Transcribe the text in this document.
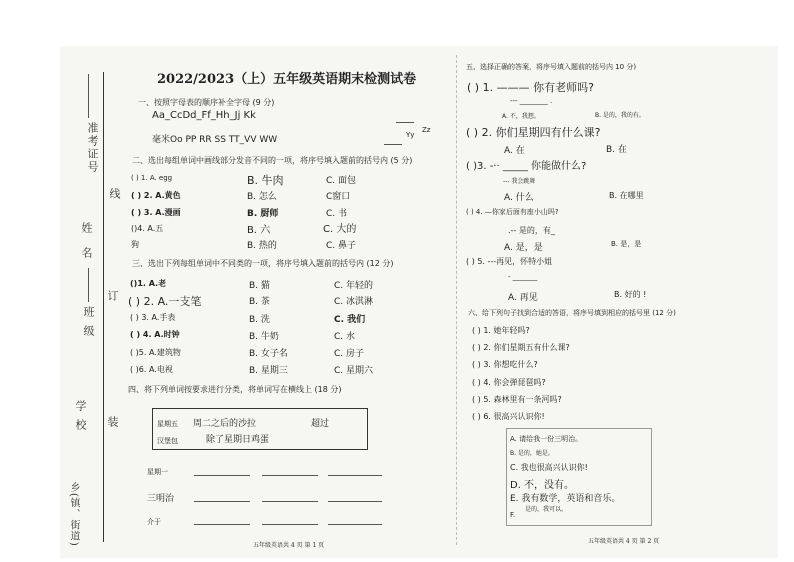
准考证号
线
姓名
订
班级
学校 装
乡(镇、街道)
2022/2023（上）五年级英语期末检测试卷
一、按照字母表的顺序补全字母 (9 分)
Aa_CcDd_Ff_Hh_Jj Kk
毫米Oo PP RR SS TT_VV WW	Yy
Zz
二、选出每组单词中画线部分发音不同的一项，将序号填入题前的括号内 (5 分)
( ) 1. A. egg	B. 牛肉	C. 面包
( ) 2. A.黄色	B. 怎么	C窗口
( ) 3. A.漫画	B. 厨师	C. 书
()4. A.五	B. 六	C. 大的
狗	B. 热的	C. 鼻子
三、选出下列每组单词中不同类的一项，将序号填入题前的括号内 (12 分)
()1. A.老	B. 猫	C. 年轻的
( ) 2. A.一支笔	B. 茶	C. 冰淇淋
( ) 3. A.手表	B. 洗	C. 我们
( ) 4. A.时钟	B. 牛奶	C. 水
( )5. A.建筑物	B. 女子名	C. 房子
( )6. A.电视	B. 星期三	C. 星期六
四、将下列单词按要求进行分类，将单词写在横线上 (18 分)
星期五 周二之后的沙拉	超过
汉堡包	除了星期日鸡蛋
星期一
三明治
介于
五年级英语共 4 页 第 1 页
五、选择正确的答案，将序号填入题前的括号内 10 分)
( ) 1. ——— 你有老师吗?
--- ________ .
A. 不，我想。	B. 是的，我的有。
( ) 2. 你们星期四有什么课?
A. 在	B. 在
( )3. -·· _____ 你能做什么?
--- 我会跳舞
A. 什么	B. 在哪里
( ) 4. —你家后面有座小山吗?
.-- 是的，有_
A. 是，是	B. 是，是
( ) 5. ---再见，怀特小姐
- _______
A. 再见	B. 好的 !
六、给下列句子找到合适的答语，将序号填到相应的括号里 (12 分)
( ) 1. 她年轻吗?
( ) 2. 你们星期五有什么课?
( ) 3. 你想吃什么?
( ) 4. 你会弹琵琶吗?
( ) 5. 森林里有一条河吗?
( ) 6. 很高兴认识你!
A. 请给我一份三明治。
B. 是的，她是。
C. 我也很高兴认识你!
D. 不，没有。
E. 我有数学，英语和音乐。
是的，我可以。
F.
五年级英语共 4 页 第 2 页
